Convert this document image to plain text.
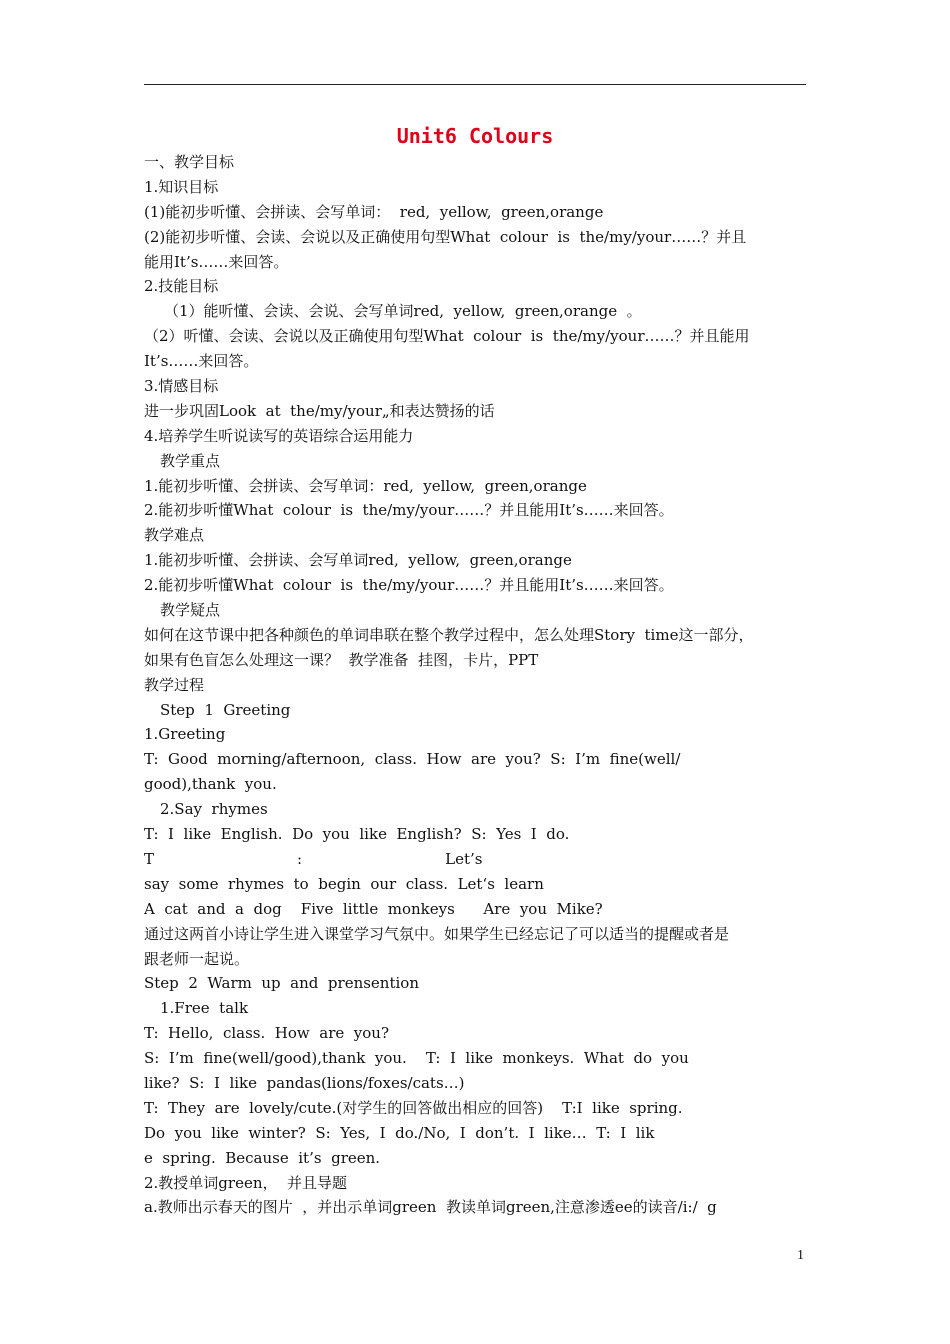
Unit6 Colours
一、教学目标
1.知识目标
(1)能初步听懂、会拼读、会写单词：  red,  yellow,  green,orange
(2)能初步听懂、会读、会说以及正确使用句型What  colour  is  the/my/your……？并且
能用It’s……来回答。
2.技能目标
（1）能听懂、会读、会说、会写单词red,  yellow,  green,orange  。
（2）听懂、会读、会说以及正确使用句型What  colour  is  the/my/your……？并且能用
It’s……来回答。
3.情感目标
进一步巩固Look  at  the/my/your„和表达赞扬的话
4.培养学生听说读写的英语综合运用能力
教学重点
1.能初步听懂、会拼读、会写单词：red,  yellow,  green,orange
2.能初步听懂What  colour  is  the/my/your……？并且能用It’s……来回答。
教学难点
1.能初步听懂、会拼读、会写单词red,  yellow,  green,orange
2.能初步听懂What  colour  is  the/my/your……？并且能用It’s……来回答。
教学疑点
如何在这节课中把各种颜色的单词串联在整个教学过程中，怎么处理Story  time这一部分，
如果有色盲怎么处理这一课？  教学准备  挂图，卡片，PPT
教学过程
Step  1  Greeting
1.Greeting
T:  Good  morning/afternoon,  class.  How  are  you?  S:  I’m  fine(well/
good),thank  you.
2.Say  rhymes
T:  I  like  English.  Do  you  like  English?  S:  Yes  I  do.
T                              :                              Let’s
say  some  rhymes  to  begin  our  class.  Let‘s  learn
A  cat  and  a  dog    Five  little  monkeys      Are  you  Mike?
通过这两首小诗让学生进入课堂学习气氛中。如果学生已经忘记了可以适当的提醒或者是
跟老师一起说。
Step  2  Warm  up  and  prensention
1.Free  talk
T:  Hello,  class.  How  are  you?
S:  I’m  fine(well/good),thank  you.    T:  I  like  monkeys.  What  do  you
like?  S:  I  like  pandas(lions/foxes/cats…)
T:  They  are  lovely/cute.(对学生的回答做出相应的回答)    T:I  like  spring.
Do  you  like  winter?  S:  Yes,  I  do./No,  I  don’t.  I  like…  T:  I  lik
e  spring.  Because  it’s  green.
2.教授单词green，  并且导题
a.教师出示春天的图片  ，并出示单词green  教读单词green,注意渗透ee的读音/i:/  g
1
